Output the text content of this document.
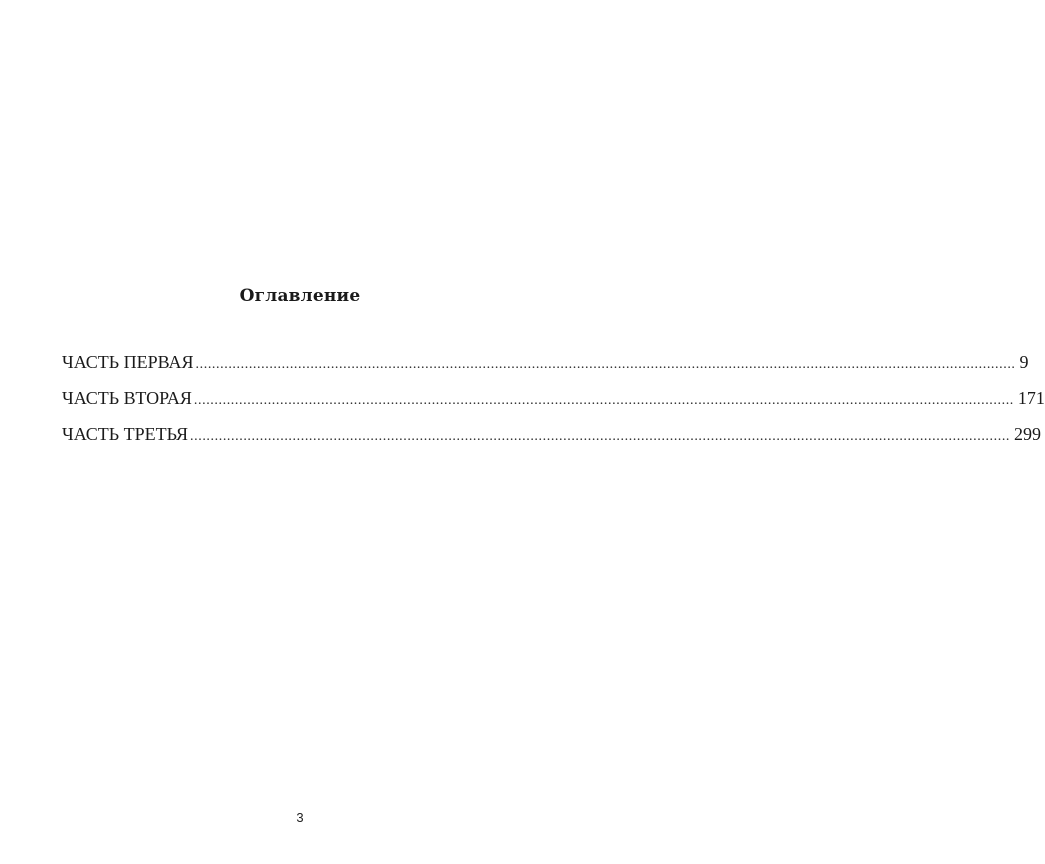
Оглавление
ЧАСТЬ ПЕРВАЯ ........................................................................................................................................................................................................ 9
ЧАСТЬ ВТОРАЯ ........................................................................................................................................................................................................ 171
ЧАСТЬ ТРЕТЬЯ ........................................................................................................................................................................................................ 299
3
